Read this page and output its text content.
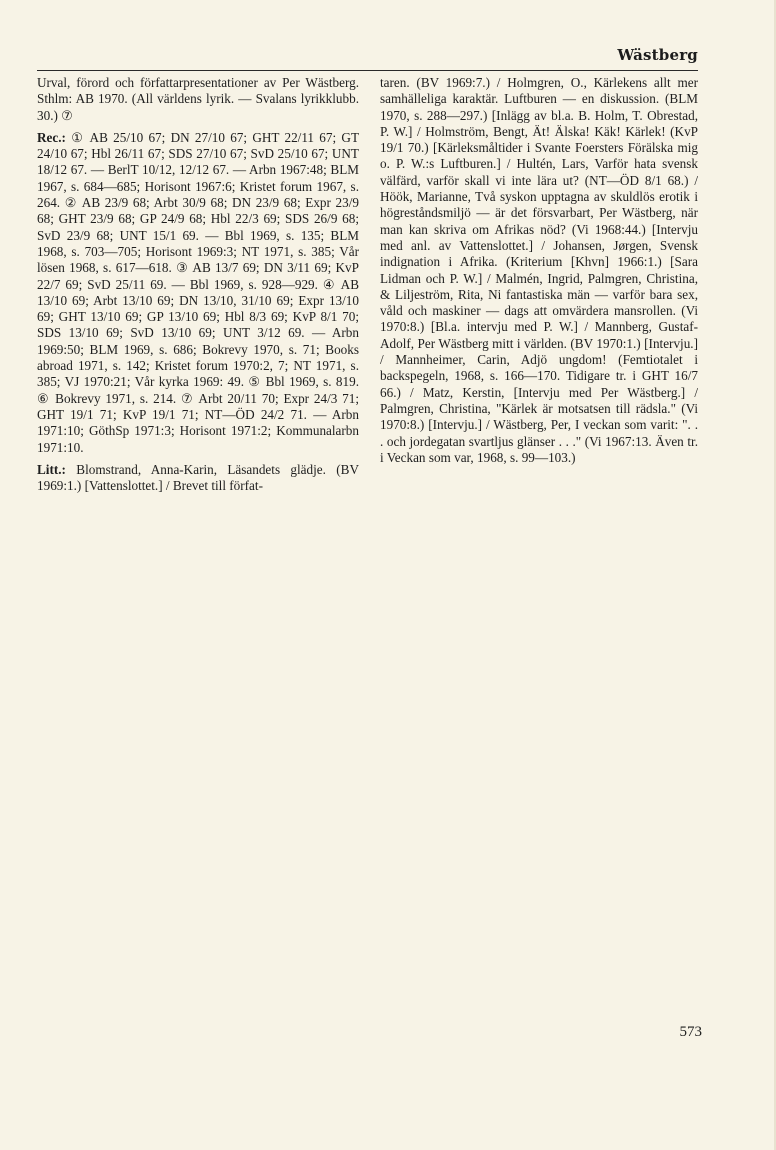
Wästberg

Urval, förord och författarpresentationer av Per Wästberg. Sthlm: AB 1970. (All världens lyrik. — Svalans lyrikklubb. 30.) ⑦

Rec.: ① AB 25/10 67; DN 27/10 67; GHT 22/11 67; GT 24/10 67; Hbl 26/11 67; SDS 27/10 67; SvD 25/10 67; UNT 18/12 67. — BerlT 10/12, 12/12 67. — Arbn 1967:48; BLM 1967, s. 684—685; Horisont 1967:6; Kristet forum 1967, s. 264. ② AB 23/9 68; Arbt 30/9 68; DN 23/9 68; Expr 23/9 68; GHT 23/9 68; GP 24/9 68; Hbl 22/3 69; SDS 26/9 68; SvD 23/9 68; UNT 15/1 69. — Bbl 1969, s. 135; BLM 1968, s. 703—705; Horisont 1969:3; NT 1971, s. 385; Vår lösen 1968, s. 617—618. ③ AB 13/7 69; DN 3/11 69; KvP 22/7 69; SvD 25/11 69. — Bbl 1969, s. 928—929. ④ AB 13/10 69; Arbt 13/10 69; DN 13/10, 31/10 69; Expr 13/10 69; GHT 13/10 69; GP 13/10 69; Hbl 8/3 69; KvP 8/1 70; SDS 13/10 69; SvD 13/10 69; UNT 3/12 69. — Arbn 1969:50; BLM 1969, s. 686; Bokrevy 1970, s. 71; Books abroad 1971, s. 142; Kristet forum 1970:2, 7; NT 1971, s. 385; VJ 1970:21; Vår kyrka 1969: 49. ⑤ Bbl 1969, s. 819. ⑥ Bokrevy 1971, s. 214. ⑦ Arbt 20/11 70; Expr 24/3 71; GHT 19/1 71; KvP 19/1 71; NT—ÖD 24/2 71. — Arbn 1971:10; GöthSp 1971:3; Horisont 1971:2; Kommunalarbn 1971:10.

Litt.: Blomstrand, Anna-Karin, Läsandets glädje. (BV 1969:1.) [Vattenslottet.] / Brevet till förfat-

taren. (BV 1969:7.) / Holmgren, O., Kärlekens allt mer samhälleliga karaktär. Luftburen — en diskussion. (BLM 1970, s. 288—297.) [Inlägg av bl.a. B. Holm, T. Obrestad, P. W.] / Holmström, Bengt, Ät! Älska! Käk! Kärlek! (KvP 19/1 70.) [Kärleksmåltider i Svante Foersters Förälska mig o. P. W.:s Luftburen.] / Hultén, Lars, Varför hata svensk välfärd, varför skall vi inte lära ut? (NT—ÖD 8/1 68.) / Höök, Marianne, Två syskon upptagna av skuldlös erotik i högreståndsmiljö — är det försvarbart, Per Wästberg, när man kan skriva om Afrikas nöd? (Vi 1968:44.) [Intervju med anl. av Vattenslottet.] / Johansen, Jørgen, Svensk indignation i Afrika. (Kriterium [Khvn] 1966:1.) [Sara Lidman och P. W.] / Malmén, Ingrid, Palmgren, Christina, & Liljeström, Rita, Ni fantastiska män — varför bara sex, våld och maskiner — dags att omvärdera mansrollen. (Vi 1970:8.) [Bl.a. intervju med P. W.] / Mannberg, Gustaf-Adolf, Per Wästberg mitt i världen. (BV 1970:1.) [Intervju.] / Mannheimer, Carin, Adjö ungdom! (Femtiotalet i backspegeln, 1968, s. 166—170. Tidigare tr. i GHT 16/7 66.) / Matz, Kerstin, [Intervju med Per Wästberg.] / Palmgren, Christina, "Kärlek är motsatsen till rädsla." (Vi 1970:8.) [Intervju.] / Wästberg, Per, I veckan som varit: ". . . och jordegatan svartljus glänser . . ." (Vi 1967:13. Även tr. i Veckan som var, 1968, s. 99—103.)

573
